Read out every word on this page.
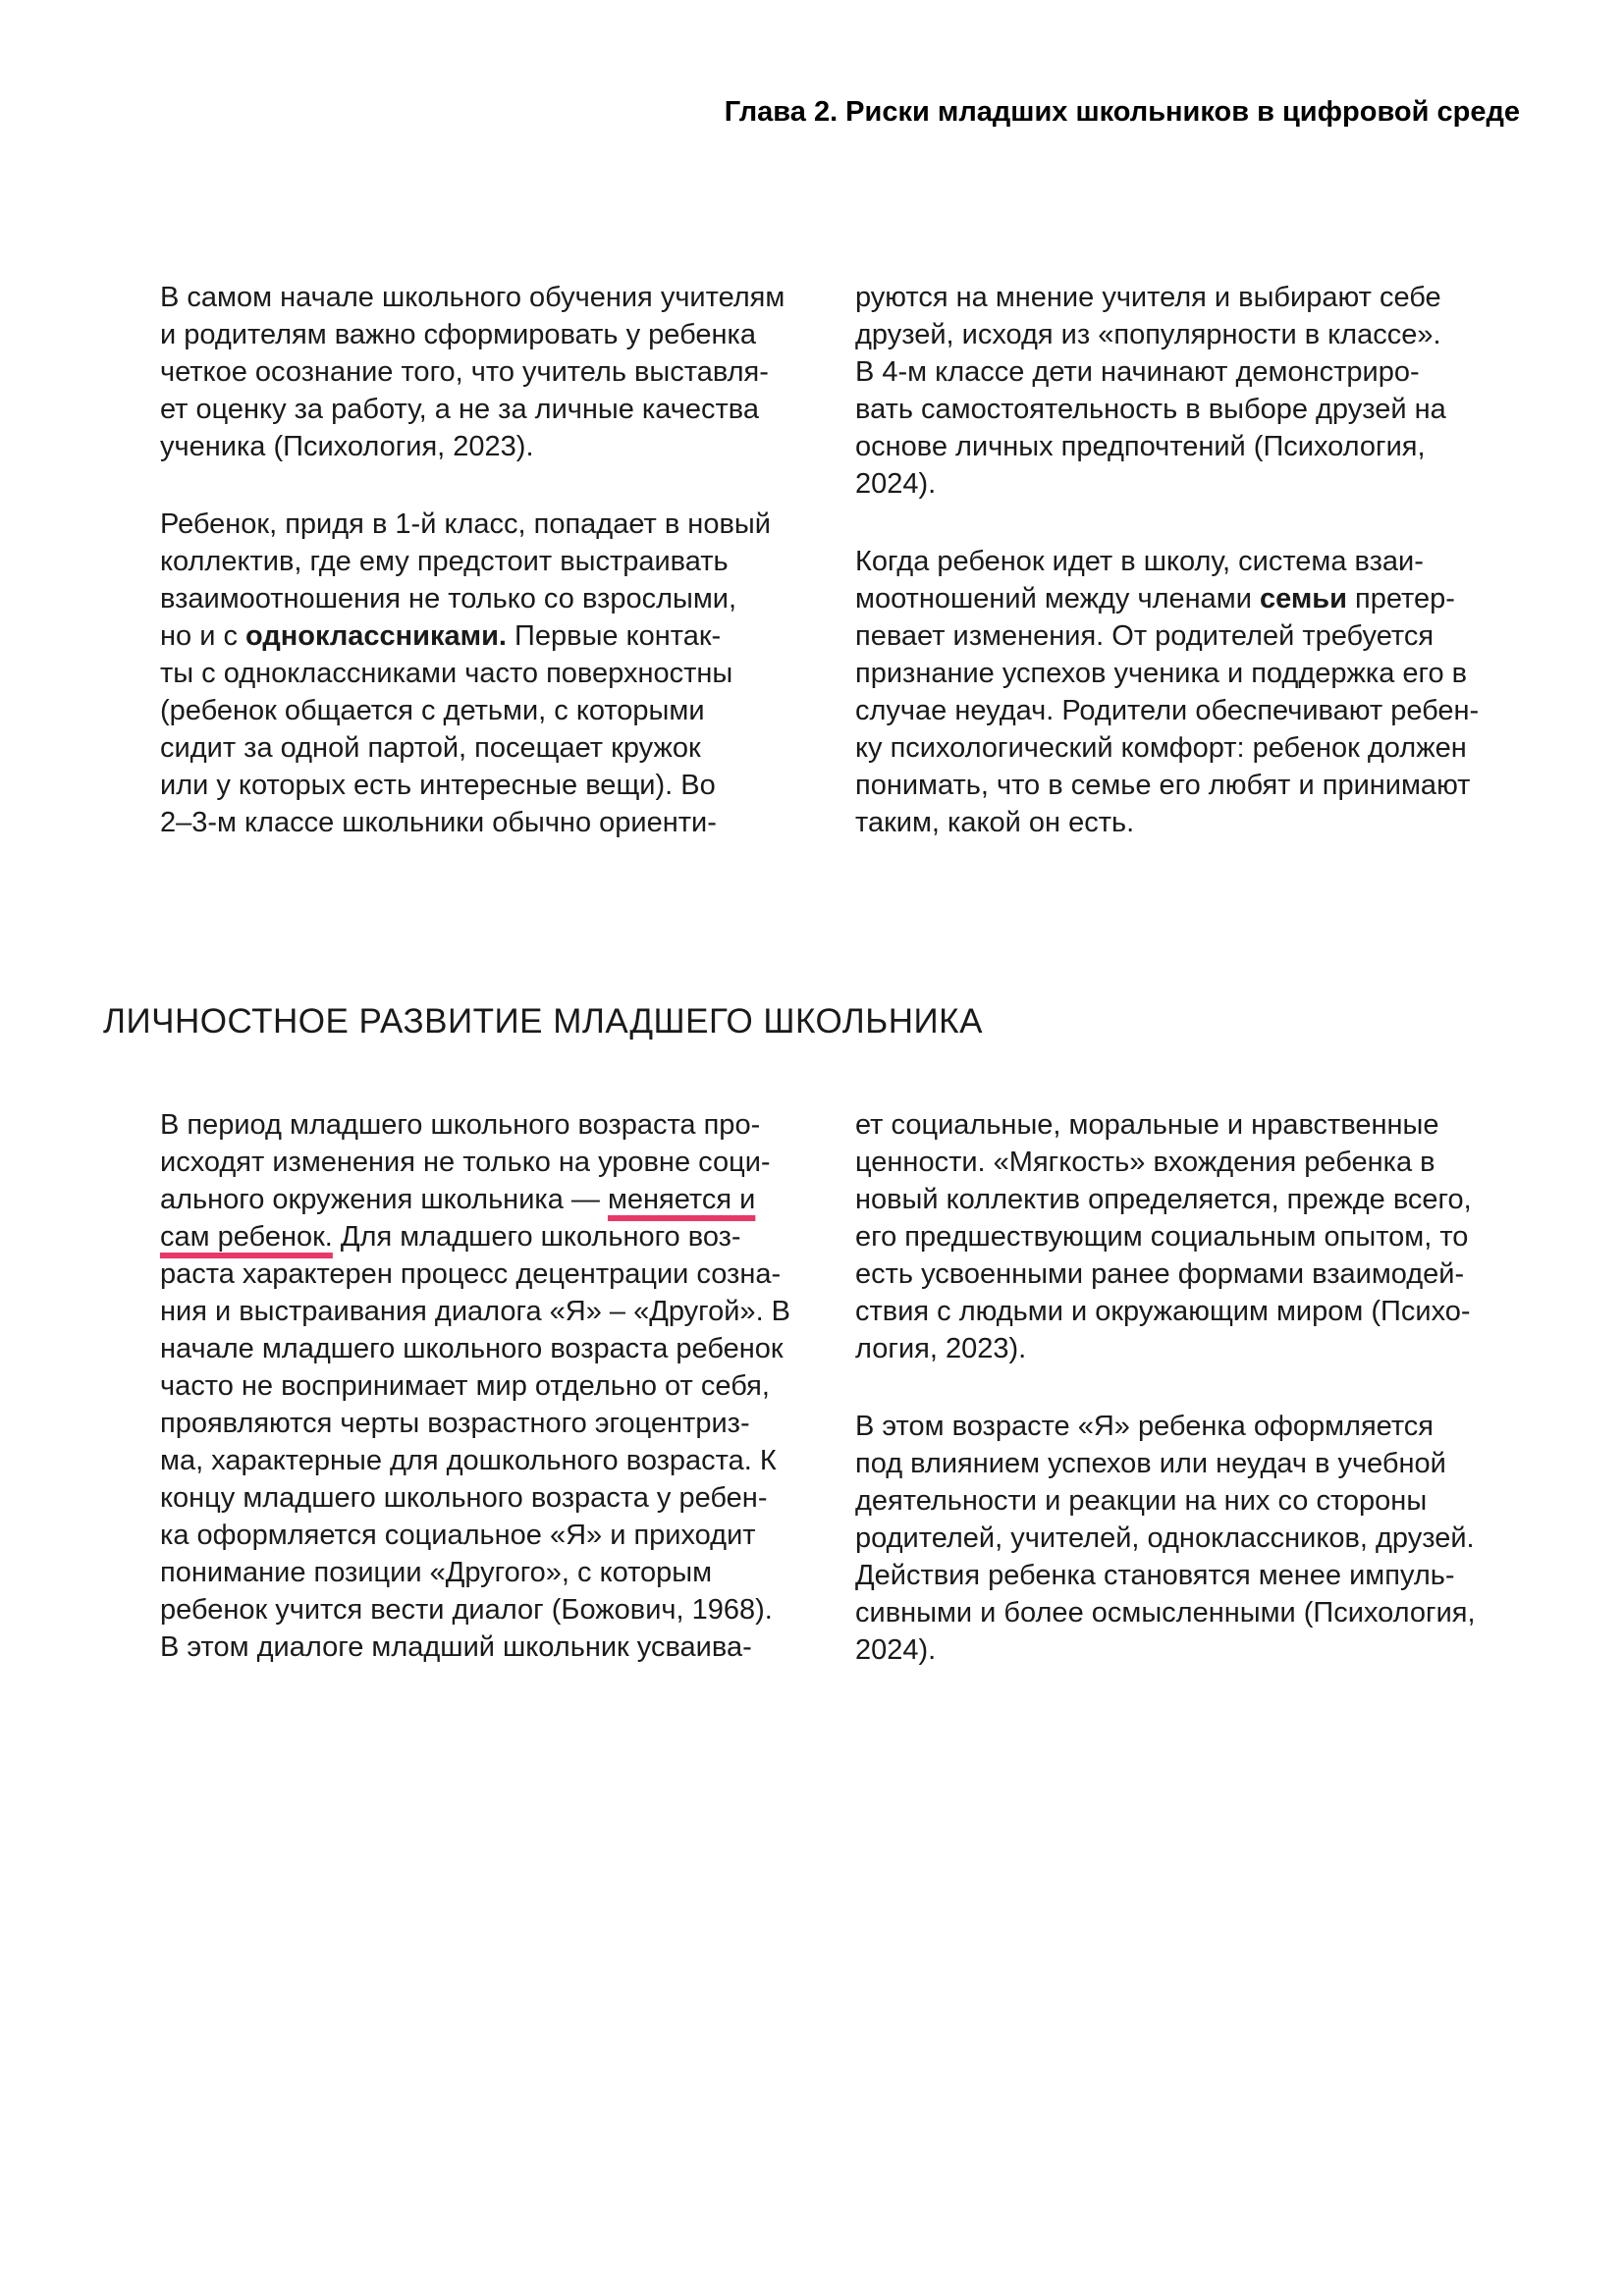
Глава 2. Риски младших школьников в цифровой среде
В самом начале школьного обучения учителям
и родителям важно сформировать у ребенка
четкое осознание того, что учитель выставля-
ет оценку за работу, а не за личные качества
ученика (Психология, 2023).
Ребенок, придя в 1-й класс, попадает в новый
коллектив, где ему предстоит выстраивать
взаимоотношения не только со взрослыми,
но и с одноклассниками. Первые контак-
ты с одноклассниками часто поверхностны
(ребенок общается с детьми, с которыми
сидит за одной партой, посещает кружок
или у которых есть интересные вещи). Во
2–3-м классе школьники обычно ориенти-
руются на мнение учителя и выбирают себе
друзей, исходя из «популярности в классе».
В 4-м классе дети начинают демонстриро-
вать самостоятельность в выборе друзей на
основе личных предпочтений (Психология,
2024).
Когда ребенок идет в школу, система взаи-
моотношений между членами семьи претер-
певает изменения. От родителей требуется
признание успехов ученика и поддержка его в
случае неудач. Родители обеспечивают ребен-
ку психологический комфорт: ребенок должен
понимать, что в семье его любят и принимают
таким, какой он есть.
ЛИЧНОСТНОЕ РАЗВИТИЕ МЛАДШЕГО ШКОЛЬНИКА
В период младшего школьного возраста про-
исходят изменения не только на уровне соци-
ального окружения школьника — меняется и
сам ребенок. Для младшего школьного воз-
раста характерен процесс децентрации созна-
ния и выстраивания диалога «Я» – «Другой». В
начале младшего школьного возраста ребенок
часто не воспринимает мир отдельно от себя,
проявляются черты возрастного эгоцентриз-
ма, характерные для дошкольного возраста. К
концу младшего школьного возраста у ребен-
ка оформляется социальное «Я» и приходит
понимание позиции «Другого», с которым
ребенок учится вести диалог (Божович, 1968).
В этом диалоге младший школьник усваива-
ет социальные, моральные и нравственные
ценности. «Мягкость» вхождения ребенка в
новый коллектив определяется, прежде всего,
его предшествующим социальным опытом, то
есть усвоенными ранее формами взаимодей-
ствия с людьми и окружающим миром (Психо-
логия, 2023).
В этом возрасте «Я» ребенка оформляется
под влиянием успехов или неудач в учебной
деятельности и реакции на них со стороны
родителей, учителей, одноклассников, друзей.
Действия ребенка становятся менее импуль-
сивными и более осмысленными (Психология,
2024).
